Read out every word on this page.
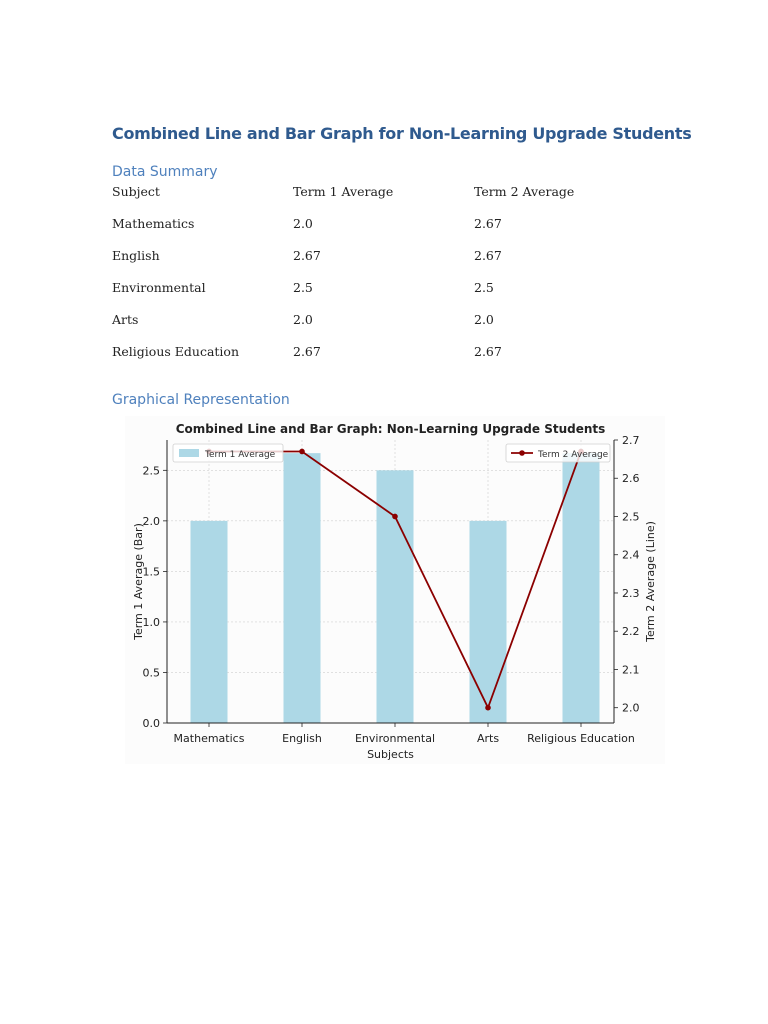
Combined Line and Bar Graph for Non-Learning Upgrade Students
Data Summary
Subject	Term 1 Average	Term 2 Average
Mathematics	2.0	2.67
English	2.67	2.67
Environmental	2.5	2.5
Arts	2.0	2.0
Religious Education	2.67	2.67
Graphical Representation
Combined Line and Bar Graph: Non-Learning Upgrade Students
0.0
0.5
1.0
1.5
2.0
2.5
2.0
2.1
2.2
2.3
2.4
2.5
2.6
2.7
Mathematics	English	Environmental	Arts	Religious Education
Subjects
Term 1 Average (Bar)	Term 2 Average (Line)
Term 1 Average	Term 2 Average
